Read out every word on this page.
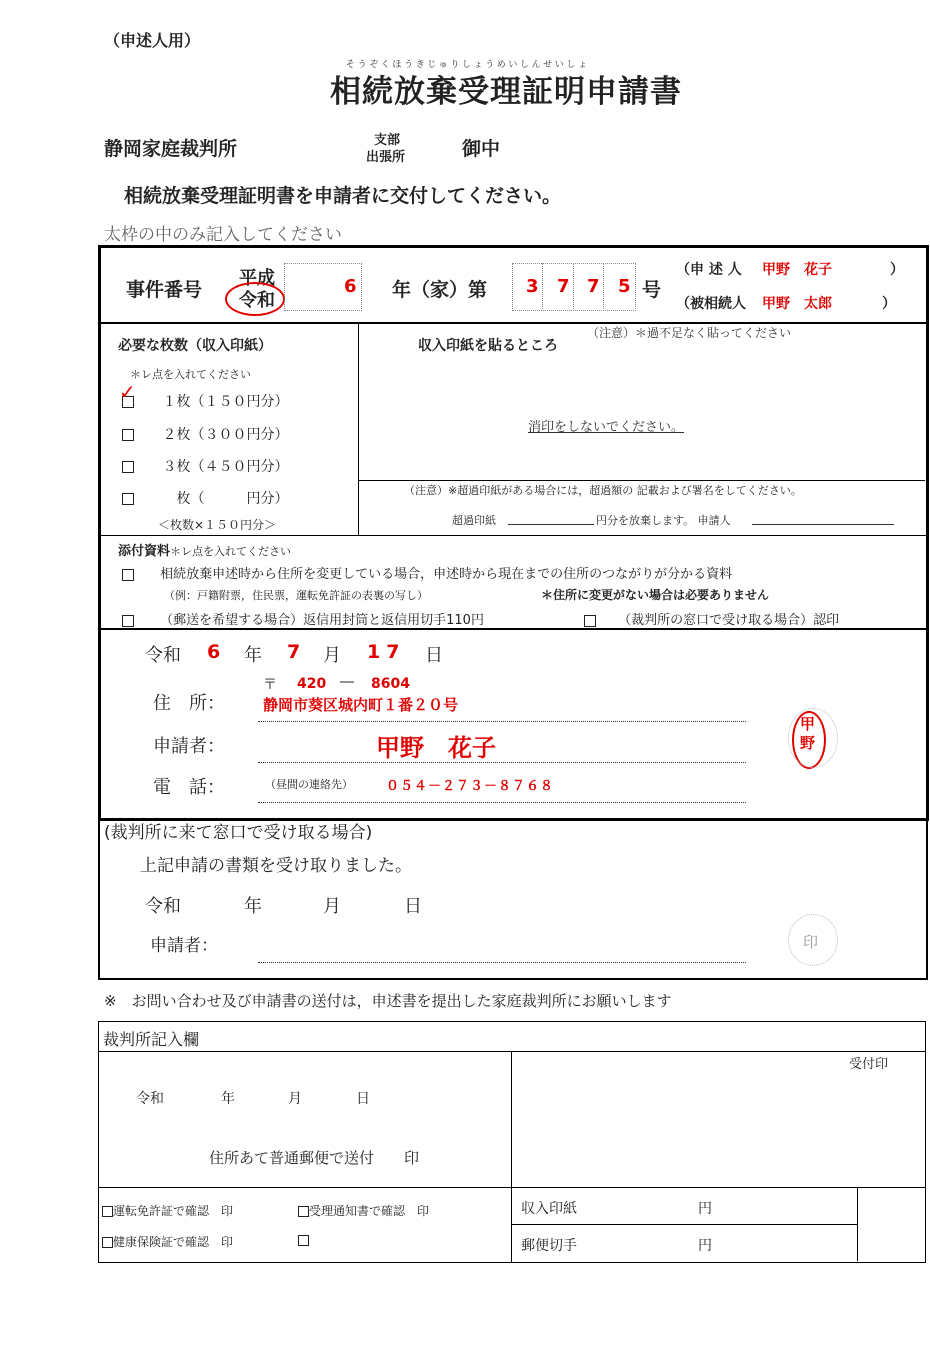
（申述人用）
そうぞくほうきじゅりしょうめいしんせいしょ
相続放棄受理証明申請書
静岡家庭裁判所	支部
出張所	御中
相続放棄受理証明書を申請者に交付してください。
太枠の中のみ記入してください
事件番号
平成
令和
6 年（家）第 3 7 7 5 号
（申 述 人 甲野　花子	）
（被相続人 甲野　太郎	）
必要な枚数（収入印紙）
＊レ点を入れてください
１枚（１５０円分）
✓
２枚（３００円分）
３枚（４５０円分）
　枚（　　　円分）
＜枚数×１５０円分＞
収入印紙を貼るところ
（注意）＊過不足なく貼ってください
消印をしないでください。
（注意）※超過印紙がある場合には，超過額の 記載および署名をしてください。
超過印紙	円分を放棄します。 申請人
添付資料＊レ点を入れてください
相続放棄申述時から住所を変更している場合，申述時から現在までの住所のつながりが分かる資料
（例：戸籍附票，住民票，運転免許証の表裏の写し）	＊住所に変更がない場合は必要ありません
（郵送を希望する場合）返信用封筒と返信用切手110円	（裁判所の窓口で受け取る場合）認印
令和 6 年 7 月 17 日
住　所：
〒 420 ― 8604
静岡市葵区城内町１番２０号
申請者：	甲野　花子
電　話：	（昼間の連絡先）	０５４－２７３－８７６８
甲野
(裁判所に来て窓口で受け取る場合)
上記申請の書類を受け取りました。
令和	年	月	日
申請者：	印
※　お問い合わせ及び申請書の送付は，申述書を提出した家庭裁判所にお願いします
裁判所記入欄
令和	年	月	日
住所あて普通郵便で送付　　印
受付印
運転免許証で確認　印	受理通知書で確認　印
健康保険証で確認　印
収入印紙	円
郵便切手	円
